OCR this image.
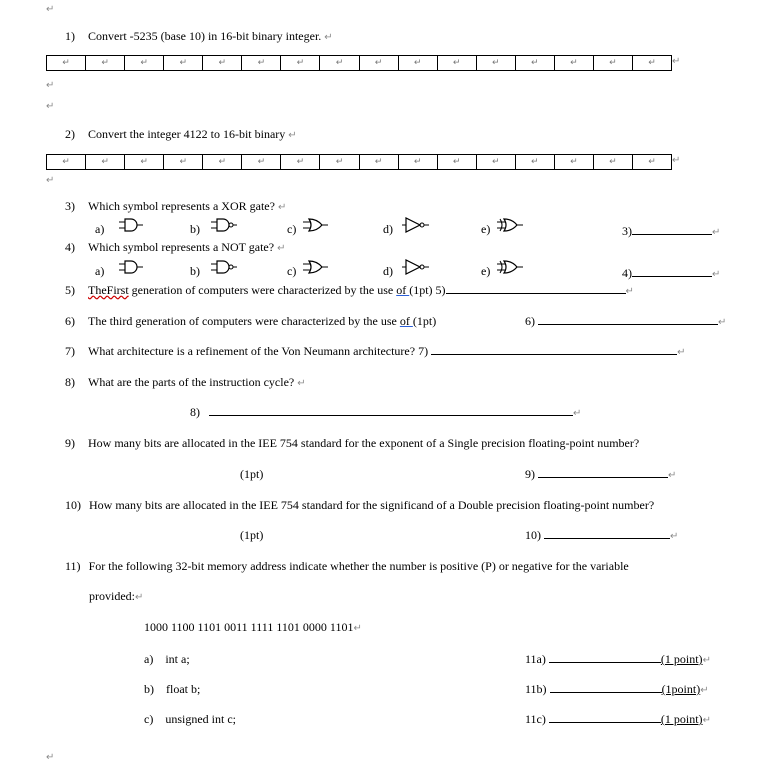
↵
↵
↵
↵
↵
1) Convert -5235 (base 10) in 16-bit binary integer. ↵
↵	↵	↵	↵	↵	↵	↵	↵	↵	↵	↵	↵	↵	↵	↵	↵ ↵
2) Convert the integer 4122 to 16-bit binary ↵
↵	↵	↵	↵	↵	↵	↵	↵	↵	↵	↵	↵	↵	↵	↵	↵ ↵
3) Which symbol represents a XOR gate? ↵
a)	b)	c)	d)	e)	3)	↵
4) Which symbol represents a NOT gate? ↵
a)	b)	c)	d)	e)	4)	↵
5) TheFirst generation of computers were characterized by the use of (1pt) 5)	↵
6) The third generation of computers were characterized by the use of (1pt)	6)	↵
7) What architecture is a refinement of the Von Neumann architecture? 7)	↵
8) What are the parts of the instruction cycle? ↵
8)	↵
9) How many bits are allocated in the IEE 754 standard for the exponent of a Single precision floating-point number?
(1pt)	9)	↵
10) How many bits are allocated in the IEE 754 standard for the significand of a Double precision floating-point number?
(1pt)	10)	↵
11) For the following 32-bit memory address indicate whether the number is positive (P) or negative for the variable
provided:↵
1000 1100 1101 0011 1111 1101 0000 1101↵
a) int a;	11a)	(1 point)↵
b) float b;	11b)	(1point)↵
c) unsigned int c;	11c)	(1 point)↵
